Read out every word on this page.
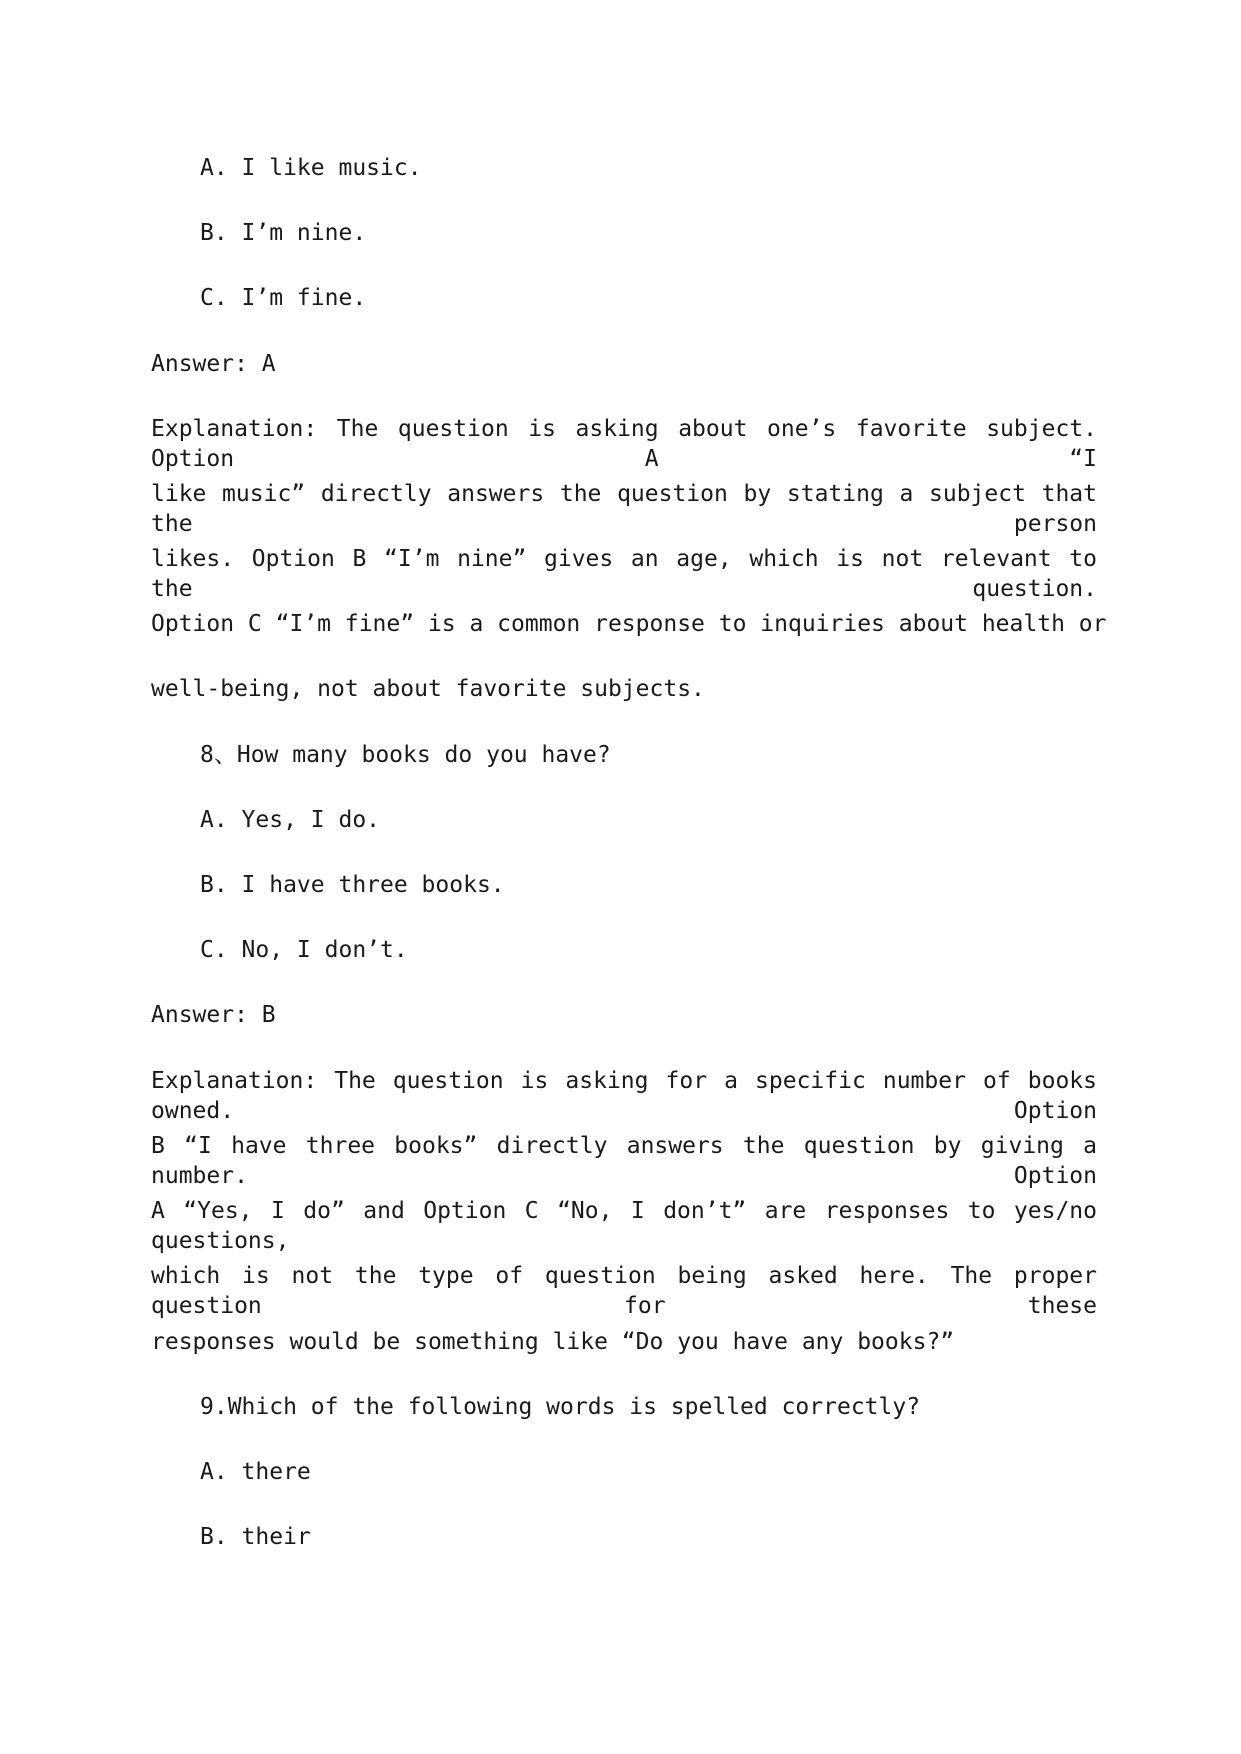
A. I like music.
B. I’m nine.
C. I’m fine.
Answer: A
Explanation: The question is asking about one’s favorite subject. Option A “I
like music” directly answers the question by stating a subject that the person
likes. Option B “I’m nine” gives an age, which is not relevant to the question.
Option C “I’m fine” is a common response to inquiries about health or
well-being, not about favorite subjects.
8、How many books do you have?
A. Yes, I do.
B. I have three books.
C. No, I don’t.
Answer: B
Explanation: The question is asking for a specific number of books owned. Option
B “I have three books” directly answers the question by giving a number. Option
A “Yes, I do” and Option C “No, I don’t” are responses to yes/no questions,
which is not the type of question being asked here. The proper question for these
responses would be something like “Do you have any books?”
9.Which of the following words is spelled correctly?
A. there
B. their
